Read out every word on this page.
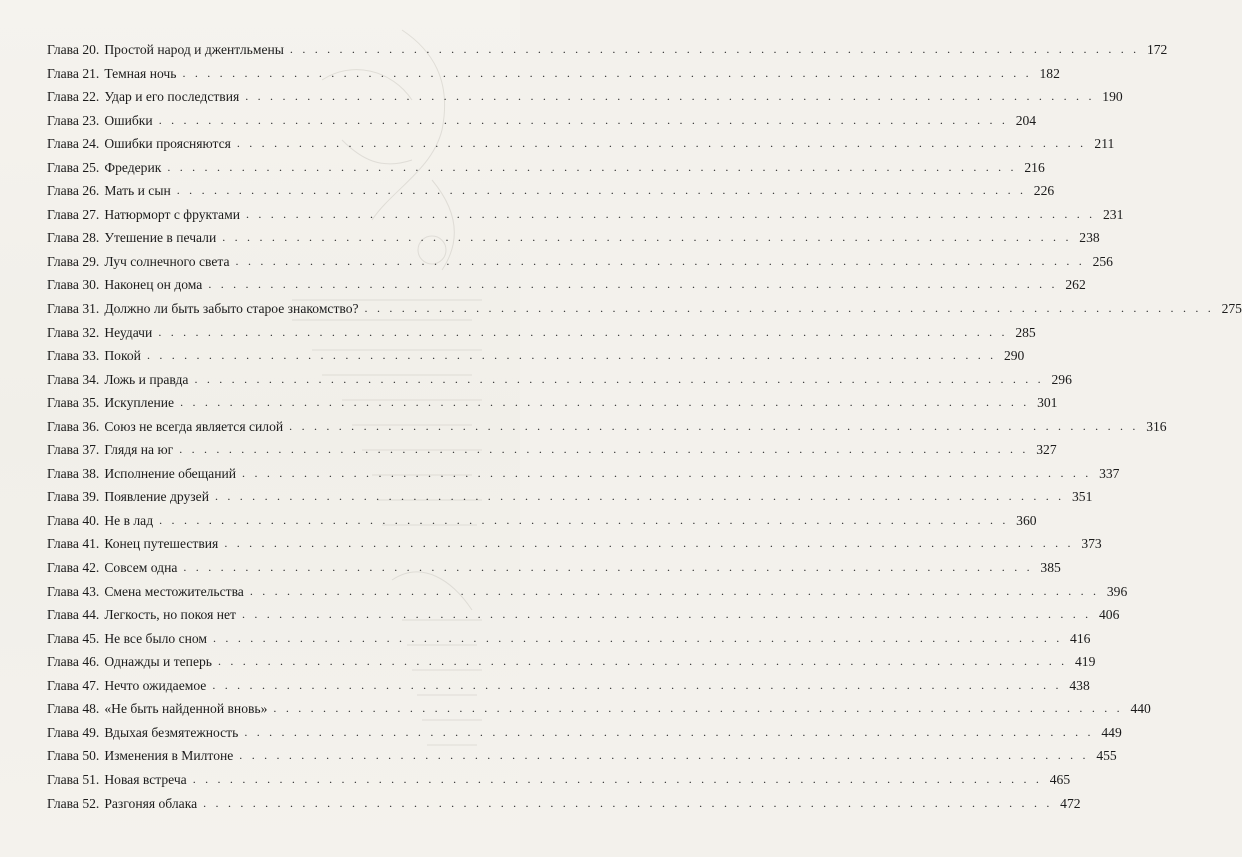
Глава 20. Простой народ и джентльмены . . . . . . . . . . . . . . . . . . . . . . . . . . . . . . . . . . . . . . . . . . . . . . . . . . . . . . . . . . . . . . . . . . . . . 172
Глава 21. Темная ночь . . . . . . . . . . . . . . . . . . . . . . . . . . . . . . . . . . . . . . . . . . . . . . . . . . . . . . . . . . . . . . . . . . . . . 182
Глава 22. Удар и его последствия . . . . . . . . . . . . . . . . . . . . . . . . . . . . . . . . . . . . . . . . . . . . . . . . . . . . . . . . . . . . . . . . . . . . . 190
Глава 23. Ошибки . . . . . . . . . . . . . . . . . . . . . . . . . . . . . . . . . . . . . . . . . . . . . . . . . . . . . . . . . . . . . . . . . . . . . 204
Глава 24. Ошибки проясняются . . . . . . . . . . . . . . . . . . . . . . . . . . . . . . . . . . . . . . . . . . . . . . . . . . . . . . . . . . . . . . . . . . . . . 211
Глава 25. Фредерик . . . . . . . . . . . . . . . . . . . . . . . . . . . . . . . . . . . . . . . . . . . . . . . . . . . . . . . . . . . . . . . . . . . . . 216
Глава 26. Мать и сын . . . . . . . . . . . . . . . . . . . . . . . . . . . . . . . . . . . . . . . . . . . . . . . . . . . . . . . . . . . . . . . . . . . . . 226
Глава 27. Натюрморт с фруктами . . . . . . . . . . . . . . . . . . . . . . . . . . . . . . . . . . . . . . . . . . . . . . . . . . . . . . . . . . . . . . . . . . . . . 231
Глава 28. Утешение в печали . . . . . . . . . . . . . . . . . . . . . . . . . . . . . . . . . . . . . . . . . . . . . . . . . . . . . . . . . . . . . . . . . . . . . 238
Глава 29. Луч солнечного света . . . . . . . . . . . . . . . . . . . . . . . . . . . . . . . . . . . . . . . . . . . . . . . . . . . . . . . . . . . . . . . . . . . . . 256
Глава 30. Наконец он дома . . . . . . . . . . . . . . . . . . . . . . . . . . . . . . . . . . . . . . . . . . . . . . . . . . . . . . . . . . . . . . . . . . . . . 262
Глава 31. Должно ли быть забыто старое знакомство? . . . . . . . . . . . . . . . . . . . . . . . . . . . . . . . . . . . . . . . . . . . . . . . . . . . . . . . . . . . . . . . . . . . . . 275
Глава 32. Неудачи . . . . . . . . . . . . . . . . . . . . . . . . . . . . . . . . . . . . . . . . . . . . . . . . . . . . . . . . . . . . . . . . . . . . . 285
Глава 33. Покой . . . . . . . . . . . . . . . . . . . . . . . . . . . . . . . . . . . . . . . . . . . . . . . . . . . . . . . . . . . . . . . . . . . . . 290
Глава 34. Ложь и правда . . . . . . . . . . . . . . . . . . . . . . . . . . . . . . . . . . . . . . . . . . . . . . . . . . . . . . . . . . . . . . . . . . . . . 296
Глава 35. Искупление . . . . . . . . . . . . . . . . . . . . . . . . . . . . . . . . . . . . . . . . . . . . . . . . . . . . . . . . . . . . . . . . . . . . . 301
Глава 36. Союз не всегда является силой . . . . . . . . . . . . . . . . . . . . . . . . . . . . . . . . . . . . . . . . . . . . . . . . . . . . . . . . . . . . . . . . . . . . . 316
Глава 37. Глядя на юг . . . . . . . . . . . . . . . . . . . . . . . . . . . . . . . . . . . . . . . . . . . . . . . . . . . . . . . . . . . . . . . . . . . . . 327
Глава 38. Исполнение обещаний . . . . . . . . . . . . . . . . . . . . . . . . . . . . . . . . . . . . . . . . . . . . . . . . . . . . . . . . . . . . . . . . . . . . . 337
Глава 39. Появление друзей . . . . . . . . . . . . . . . . . . . . . . . . . . . . . . . . . . . . . . . . . . . . . . . . . . . . . . . . . . . . . . . . . . . . . 351
Глава 40. Не в лад . . . . . . . . . . . . . . . . . . . . . . . . . . . . . . . . . . . . . . . . . . . . . . . . . . . . . . . . . . . . . . . . . . . . . 360
Глава 41. Конец путешествия . . . . . . . . . . . . . . . . . . . . . . . . . . . . . . . . . . . . . . . . . . . . . . . . . . . . . . . . . . . . . . . . . . . . . 373
Глава 42. Совсем одна . . . . . . . . . . . . . . . . . . . . . . . . . . . . . . . . . . . . . . . . . . . . . . . . . . . . . . . . . . . . . . . . . . . . . 385
Глава 43. Смена местожительства . . . . . . . . . . . . . . . . . . . . . . . . . . . . . . . . . . . . . . . . . . . . . . . . . . . . . . . . . . . . . . . . . . . . . 396
Глава 44. Легкость, но покоя нет . . . . . . . . . . . . . . . . . . . . . . . . . . . . . . . . . . . . . . . . . . . . . . . . . . . . . . . . . . . . . . . . . . . . . 406
Глава 45. Не все было сном . . . . . . . . . . . . . . . . . . . . . . . . . . . . . . . . . . . . . . . . . . . . . . . . . . . . . . . . . . . . . . . . . . . . . 416
Глава 46. Однажды и теперь . . . . . . . . . . . . . . . . . . . . . . . . . . . . . . . . . . . . . . . . . . . . . . . . . . . . . . . . . . . . . . . . . . . . . 419
Глава 47. Нечто ожидаемое . . . . . . . . . . . . . . . . . . . . . . . . . . . . . . . . . . . . . . . . . . . . . . . . . . . . . . . . . . . . . . . . . . . . . 438
Глава 48. «Не быть найденной вновь» . . . . . . . . . . . . . . . . . . . . . . . . . . . . . . . . . . . . . . . . . . . . . . . . . . . . . . . . . . . . . . . . . . . . . 440
Глава 49. Вдыхая безмятежность . . . . . . . . . . . . . . . . . . . . . . . . . . . . . . . . . . . . . . . . . . . . . . . . . . . . . . . . . . . . . . . . . . . . . 449
Глава 50. Изменения в Милтоне . . . . . . . . . . . . . . . . . . . . . . . . . . . . . . . . . . . . . . . . . . . . . . . . . . . . . . . . . . . . . . . . . . . . . 455
Глава 51. Новая встреча . . . . . . . . . . . . . . . . . . . . . . . . . . . . . . . . . . . . . . . . . . . . . . . . . . . . . . . . . . . . . . . . . . . . . 465
Глава 52. Разгоняя облака . . . . . . . . . . . . . . . . . . . . . . . . . . . . . . . . . . . . . . . . . . . . . . . . . . . . . . . . . . . . . . . . . . . . . 472
